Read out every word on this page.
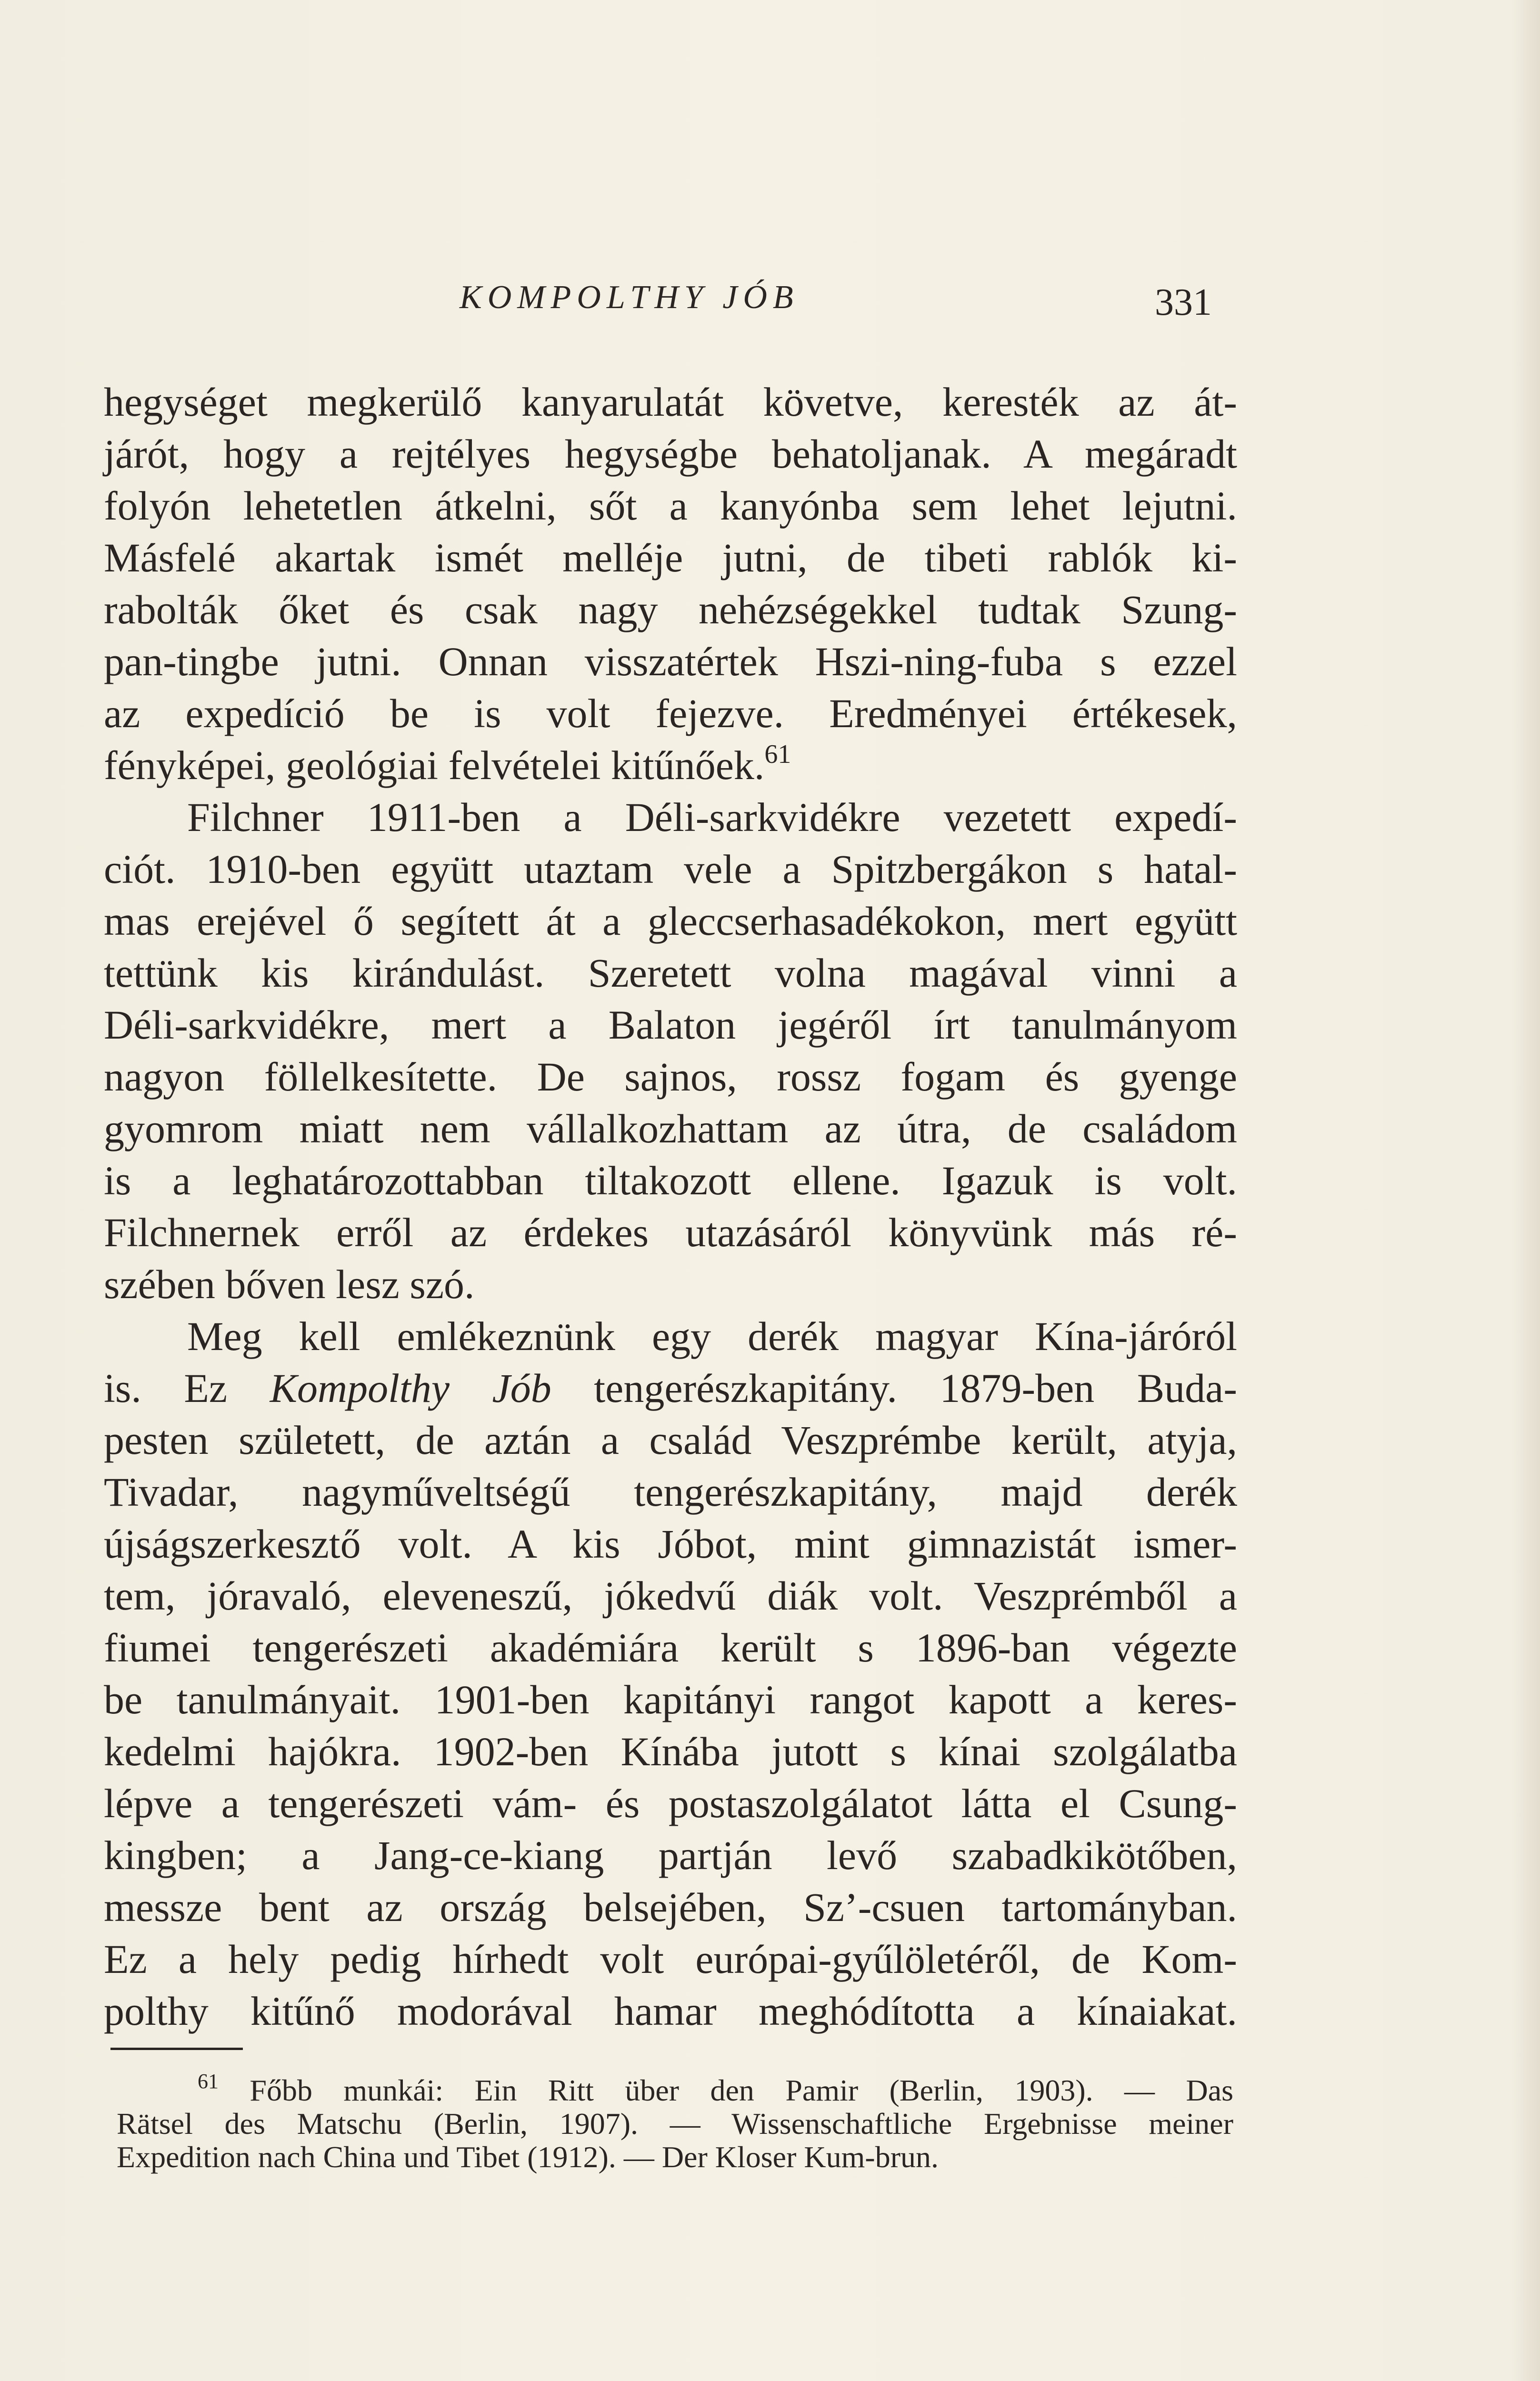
KOMPOLTHY JÓB	331
hegységet megkerülő kanyarulatát követve, keresték az át-
járót, hogy a rejtélyes hegységbe behatoljanak. A megáradt
folyón lehetetlen átkelni, sőt a kanyónba sem lehet lejutni.
Másfelé akartak ismét melléje jutni, de tibeti rablók ki-
rabolták őket és csak nagy nehézségekkel tudtak Szung-
pan-tingbe jutni. Onnan visszatértek Hszi-ning-fuba s ezzel
az expedíció be is volt fejezve. Eredményei értékesek,
fényképei, geológiai felvételei kitűnőek.$^{61}$
Filchner 1911-ben a Déli-sarkvidékre vezetett expedí-
ciót. 1910-ben együtt utaztam vele a Spitzbergákon s hatal-
mas erejével ő segített át a gleccserhasadékokon, mert együtt
tettünk kis kirándulást. Szeretett volna magával vinni a
Déli-sarkvidékre, mert a Balaton jegéről írt tanulmányom
nagyon föllelkesítette. De sajnos, rossz fogam és gyenge
gyomrom miatt nem vállalkozhattam az útra, de családom
is a leghatározottabban tiltakozott ellene. Igazuk is volt.
Filchnernek erről az érdekes utazásáról könyvünk más ré-
szében bőven lesz szó.
Meg kell emlékeznünk egy derék magyar Kína-járóról
is. Ez Kompolthy Jób tengerészkapitány. 1879-ben Buda-
pesten született, de aztán a család Veszprémbe került, atyja,
Tivadar, nagyműveltségű tengerészkapitány, majd derék
újságszerkesztő volt. A kis Jóbot, mint gimnazistát ismer-
tem, jóravaló, eleveneszű, jókedvű diák volt. Veszprémből a
fiumei tengerészeti akadémiára került s 1896-ban végezte
be tanulmányait. 1901-ben kapitányi rangot kapott a keres-
kedelmi hajókra. 1902-ben Kínába jutott s kínai szolgálatba
lépve a tengerészeti vám- és postaszolgálatot látta el Csung-
kingben; a Jang-ce-kiang partján levő szabadkikötőben,
messze bent az ország belsejében, Sz’-csuen tartományban.
Ez a hely pedig hírhedt volt európai-gyűlöletéről, de Kom-
polthy kitűnő modorával hamar meghódította a kínaiakat.
$^{61}$ Főbb munkái: Ein Ritt über den Pamir (Berlin, 1903). — Das
Rätsel des Matschu (Berlin, 1907). — Wissenschaftliche Ergebnisse meiner
Expedition nach China und Tibet (1912). — Der Kloser Kum-brun.
